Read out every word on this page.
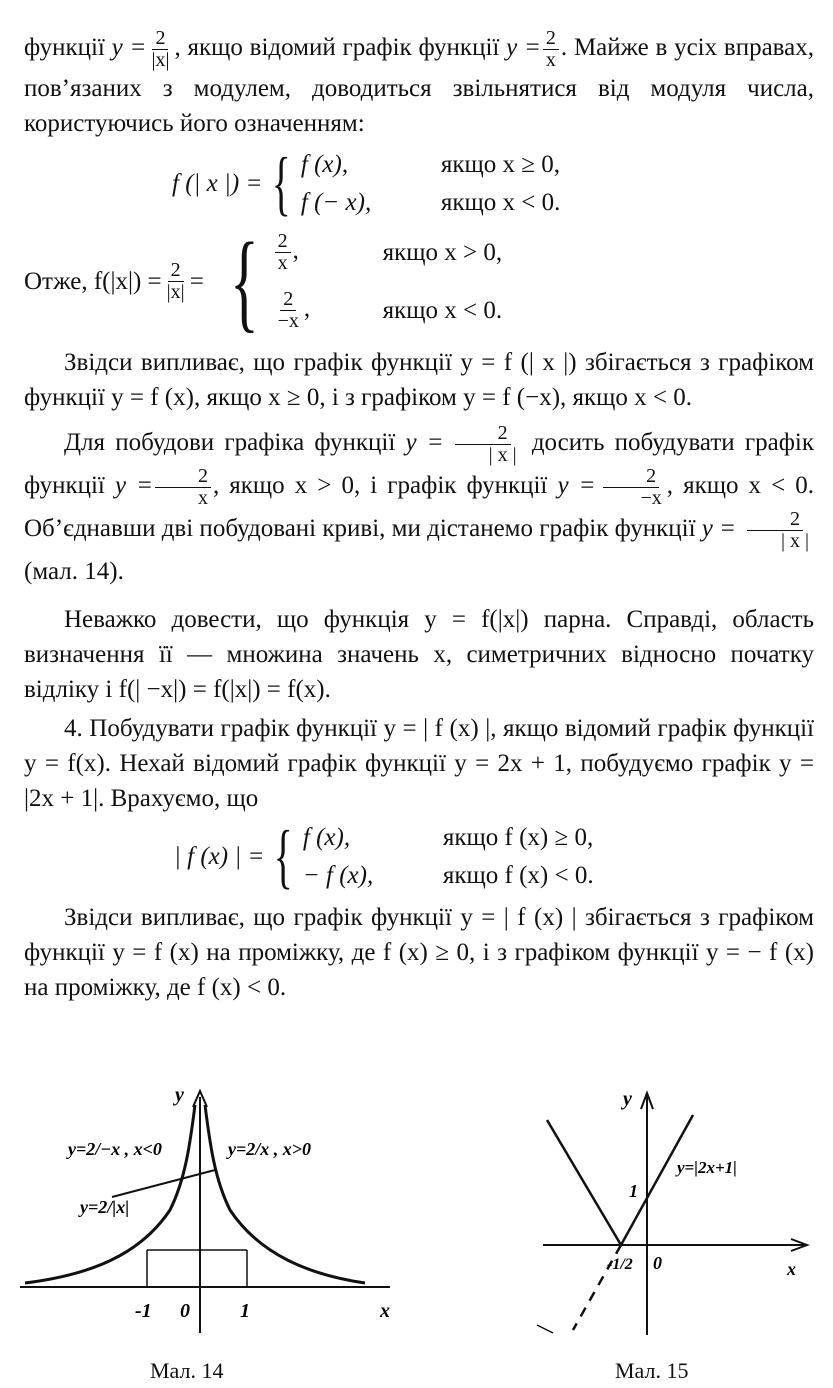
функції $y = \frac{2}{|x|}$ , якщо відомий графік функції $y = \frac{2}{x}$ . Майже в усіх вправах, пов’язаних з модулем, доводиться звільнятися від модуля числа, користуючись його означенням:

f (| x |) = { f (x),	якщо x ≥ 0,
f (− x),	якщо x < 0.
Отже, $f(|x|) = \frac{2}{|x|}$ = { $\frac{2}{x}$ ,	якщо x > 0,
$\frac{2}{-x}$ ,	якщо x < 0.

Звідси випливає, що графік функції y = f (| x |) збігається з графіком функції y = f (x), якщо x ≥ 0, і з графіком y = f (−x), якщо x < 0.

Для побудови графіка функції $y = \frac{2}{| x |}$ досить побудувати графік функції $y = \frac{2}{x}$ , якщо x > 0, і графік функції $y = \frac{2}{-x}$ , якщо x < 0. Об’єднавши дві побудовані криві, ми дістанемо графік функції $y = \frac{2}{| x |}$
(мал. 14).

Неважко довести, що функція y = f(|x|) парна. Справді, область визначення її — множина значень x, симетричних відносно початку відліку і f(| −x|) = f(|x|) = f(x).

4. Побудувати графік функції y = | f (x) |, якщо відомий графік функції y = f(x). Нехай відомий графік функції y = 2x + 1, побудуємо графік y = |2x + 1|. Врахуємо, що

| f (x) | = { f (x),	якщо f (x) ≥ 0,
− f (x),	якщо f (x) < 0.

Звідси випливає, що графік функції y = | f (x) | збігається з графіком функції y = f (x) на проміжку, де f (x) ≥ 0, і з графіком функції y = − f (x) на проміжку, де f (x) < 0.

y
x
y=2/−x , x<0	y=2/x , x>0
y=2/|x|
-1 0	1
Мал. 14
y
x
y=|2x+1|
1
0
-1/2
Мал. 15
